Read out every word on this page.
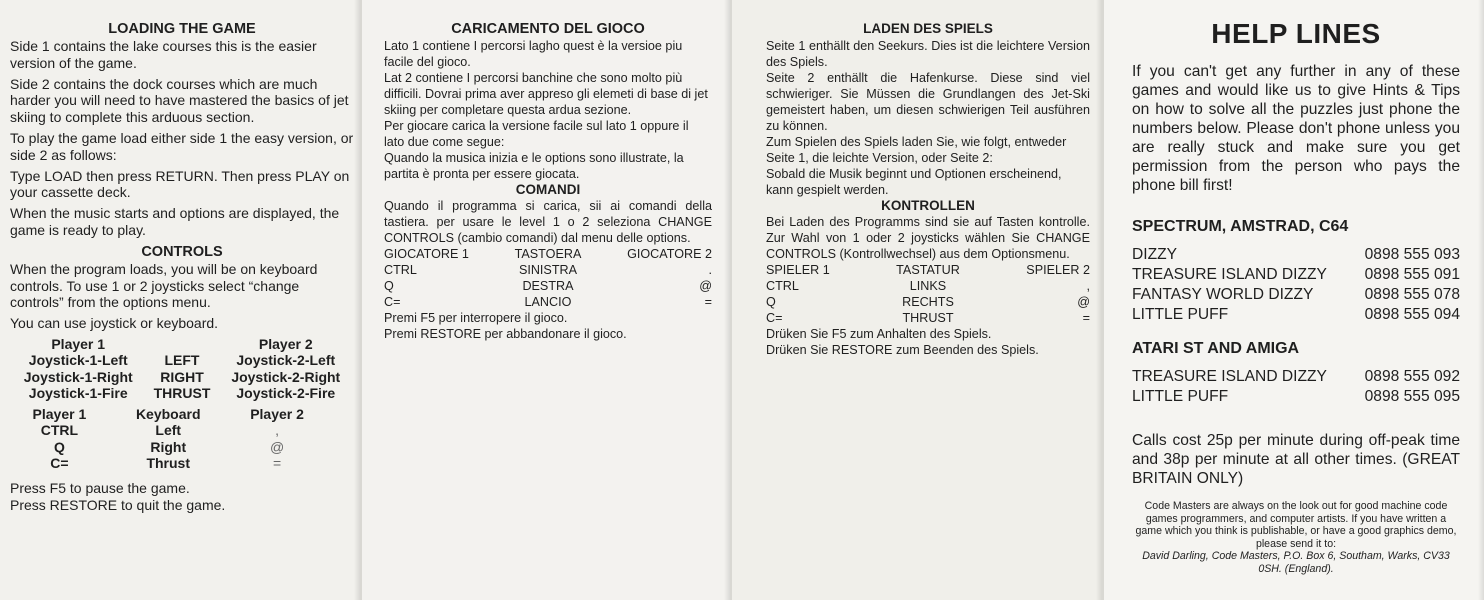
LOADING THE GAME

Side 1 contains the lake courses this is the easier version of the game.

Side 2 contains the dock courses which are much harder you will need to have mastered the basics of jet skiing to complete this arduous section.

To play the game load either side 1 the easy version, or side 2 as follows:

Type LOAD then press RETURN. Then press PLAY on your cassette deck.

When the music starts and options are displayed, the game is ready to play.

CONTROLS

When the program loads, you will be on keyboard controls. To use 1 or 2 joysticks select “change controls” from the options menu.

You can use joystick or keyboard.

Player 1		Player 2
Joystick-1-Left	LEFT	Joystick-2-Left
Joystick-1-Right	RIGHT	Joystick-2-Right
Joystick-1-Fire	THRUST	Joystick-2-Fire
Player 1	Keyboard	Player 2
CTRL	Left	,
Q	Right	@
C=	Thrust	=

Press F5 to pause the game.

Press RESTORE to quit the game.

CARICAMENTO DEL GIOCO

Lato 1 contiene I percorsi lagho quest è la versioe piu facile del gioco.

Lat 2 contiene I percorsi banchine che sono molto più difficili. Dovrai prima aver appreso gli elemeti di base di jet skiing per completare questa ardua sezione.

Per giocare carica la versione facile sul lato 1 oppure il lato due come segue:

Quando la musica inizia e le options sono illustrate, la partita è pronta per essere giocata.

COMANDI

Quando il programma si carica, sii ai comandi della tastiera. per usare le level 1 o 2 seleziona CHANGE CONTROLS (cambio comandi) dal menu delle options.

GIOCATORE 1	TASTOERA	GIOCATORE 2
CTRL	SINISTRA	.
Q	DESTRA	@
C=	LANCIO	=

Premi F5 per interropere il gioco.

Premi RESTORE per abbandonare il gioco.

LADEN DES SPIELS

Seite 1 enthällt den Seekurs. Dies ist die leichtere Version des Spiels.

Seite 2 enthällt die Hafenkurse. Diese sind viel schwieriger. Sie Müssen die Grundlangen des Jet-Ski gemeistert haben, um diesen schwierigen Teil ausführen zu können.

Zum Spielen des Spiels laden Sie, wie folgt, entweder Seite 1, die leichte Version, oder Seite 2:

Sobald die Musik beginnt und Optionen erscheinend, kann gespielt werden.

KONTROLLEN

Bei Laden des Programms sind sie auf Tasten kontrolle. Zur Wahl von 1 oder 2 joysticks wählen Sie CHANGE CONTROLS (Kontrollwechsel) aus dem Optionsmenu.

SPIELER 1	TASTATUR	SPIELER 2
CTRL	LINKS	,
Q	RECHTS	@
C=	THRUST	=

Drüken Sie F5 zum Anhalten des Spiels.

Drüken Sie RESTORE zum Beenden des Spiels.

HELP LINES

If you can't get any further in any of these games and would like us to give Hints & Tips on how to solve all the puzzles just phone the numbers below. Please don't phone unless you are really stuck and make sure you get permission from the person who pays the phone bill first!

SPECTRUM, AMSTRAD, C64
DIZZY	0898 555 093
TREASURE ISLAND DIZZY	0898 555 091
FANTASY WORLD DIZZY	0898 555 078
LITTLE PUFF	0898 555 094
ATARI ST AND AMIGA
TREASURE ISLAND DIZZY	0898 555 092
LITTLE PUFF	0898 555 095

Calls cost 25p per minute during off-peak time and 38p per minute at all other times. (GREAT BRITAIN ONLY)

Code Masters are always on the look out for good machine code games programmers, and computer artists. If you have written a game which you think is publishable, or have a good graphics demo, please send it to:
David Darling, Code Masters, P.O. Box 6, Southam, Warks, CV33 0SH. (England).
